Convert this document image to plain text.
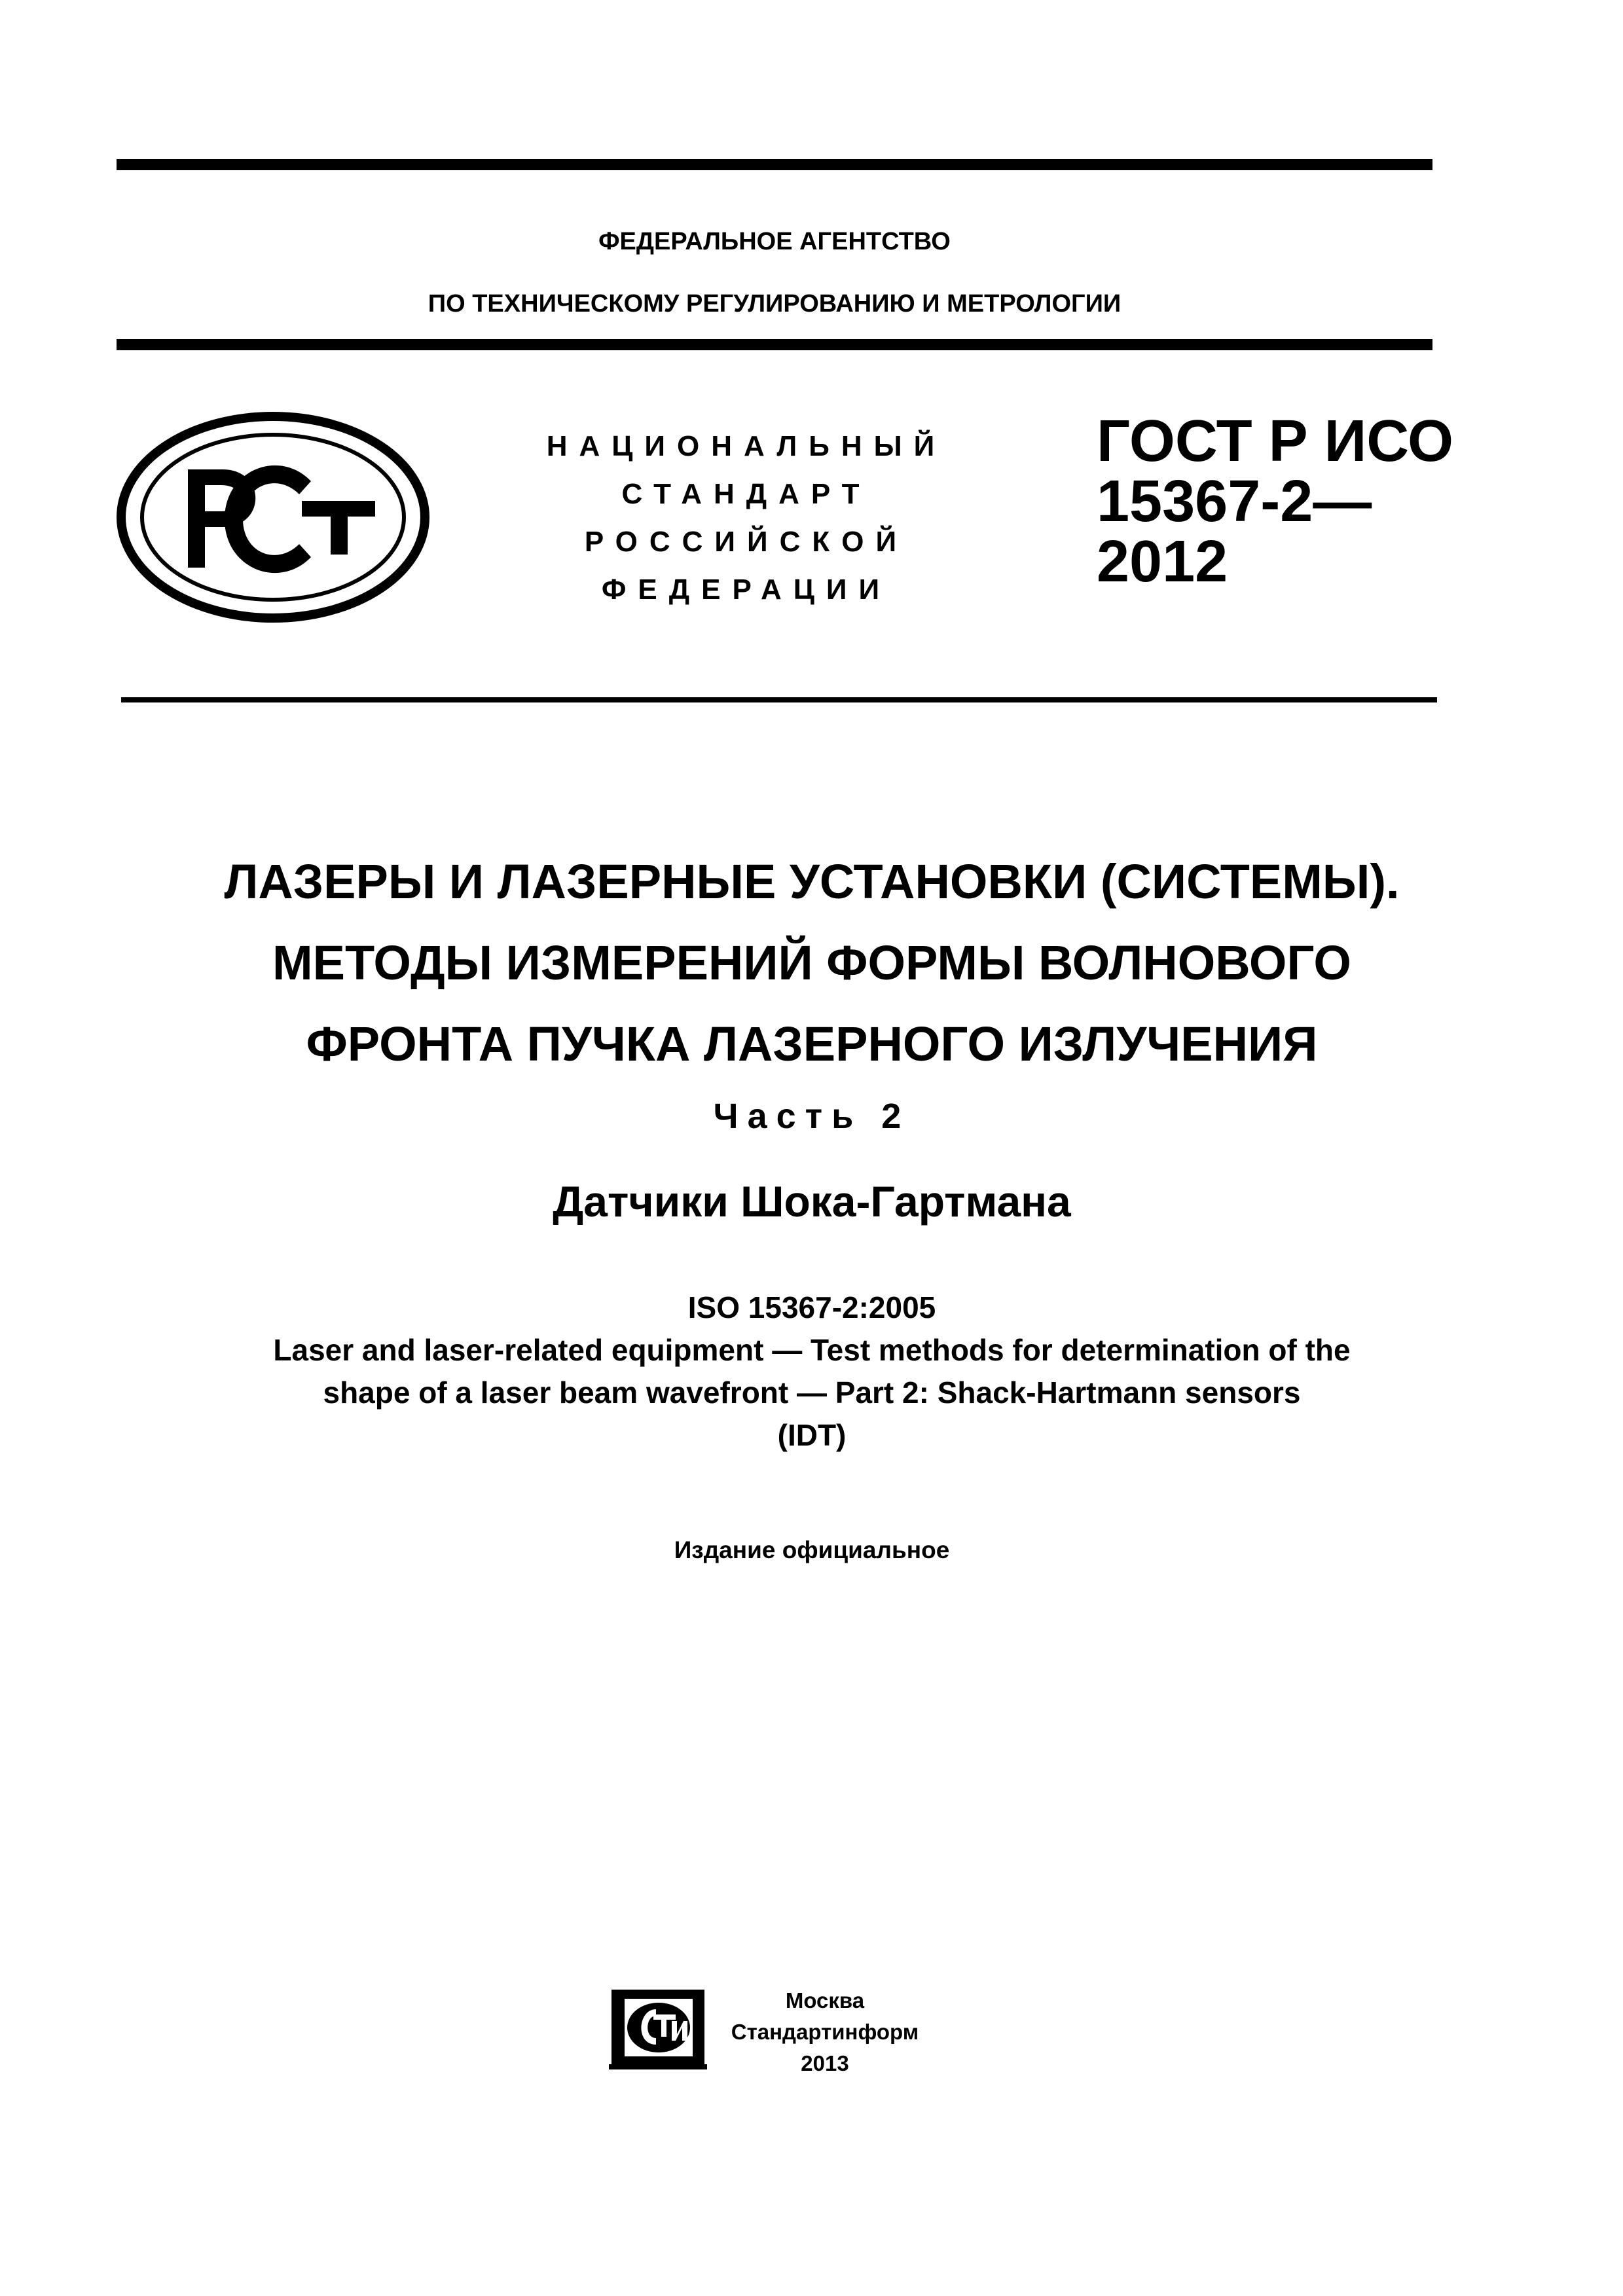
ФЕДЕРАЛЬНОЕ АГЕНТСТВО
ПО ТЕХНИЧЕСКОМУ РЕГУЛИРОВАНИЮ И МЕТРОЛОГИИ
НАЦИОНАЛЬНЫЙ
СТАНДАРТ
РОССИЙСКОЙ
ФЕДЕРАЦИИ
ГОСТ Р ИСО
15367-2—
2012
ЛАЗЕРЫ И ЛАЗЕРНЫЕ УСТАНОВКИ (СИСТЕМЫ).
МЕТОДЫ ИЗМЕРЕНИЙ ФОРМЫ ВОЛНОВОГО
ФРОНТА ПУЧКА ЛАЗЕРНОГО ИЗЛУЧЕНИЯ
Часть 2
Датчики Шока-Гартмана
ISO 15367-2:2005
Laser and laser-related equipment — Test methods for determination of the
shape of a laser beam wavefront — Part 2: Shack-Hartmann sensors
(IDT)
Издание официальное
Москва
Стандартинформ
2013
